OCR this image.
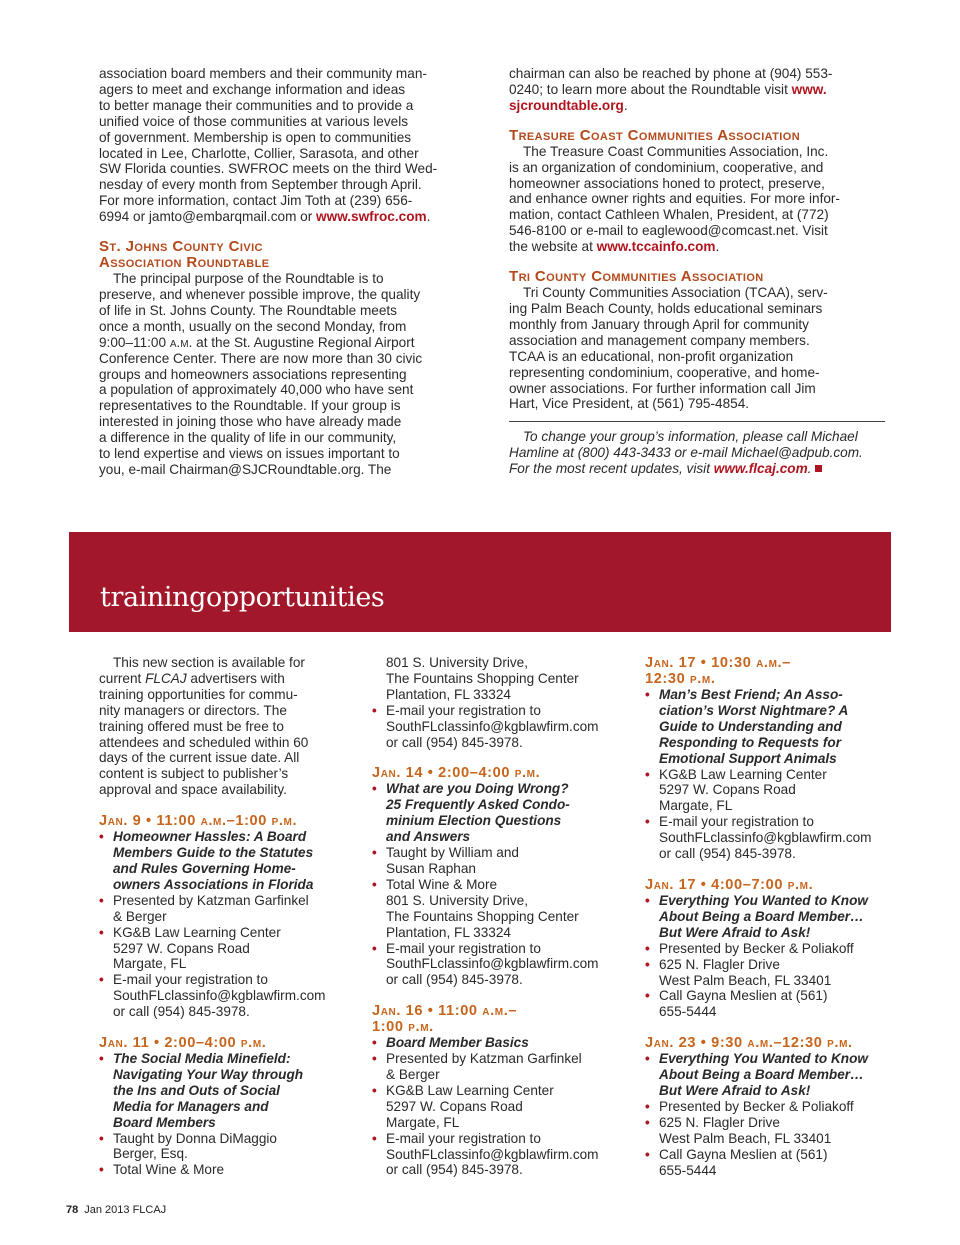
association board members and their community man-
agers to meet and exchange information and ideas
to better manage their communities and to provide a
unified voice of those communities at various levels
of government. Membership is open to communities
located in Lee, Charlotte, Collier, Sarasota, and other
SW Florida counties. SWFROC meets on the third Wed-
nesday of every month from September through April.
For more information, contact Jim Toth at (239) 656-
6994 or jamto@embarqmail.com or www.swfroc.com.
St. Johns County Civic
Association Roundtable
The principal purpose of the Roundtable is to
preserve, and whenever possible improve, the quality
of life in St. Johns County. The Roundtable meets
once a month, usually on the second Monday, from
9:00–11:00 a.m. at the St. Augustine Regional Airport
Conference Center. There are now more than 30 civic
groups and homeowners associations representing
a population of approximately 40,000 who have sent
representatives to the Roundtable. If your group is
interested in joining those who have already made
a difference in the quality of life in our community,
to lend expertise and views on issues important to
you, e-mail Chairman@SJCRoundtable.org. The
chairman can also be reached by phone at (904) 553-
0240; to learn more about the Roundtable visit www.
sjcroundtable.org.
Treasure Coast Communities Association
The Treasure Coast Communities Association, Inc.
is an organization of condominium, cooperative, and
homeowner associations honed to protect, preserve,
and enhance owner rights and equities. For more infor-
mation, contact Cathleen Whalen, President, at (772)
546-8100 or e-mail to eaglewood@comcast.net. Visit
the website at www.tccainfo.com.
Tri County Communities Association
Tri County Communities Association (TCAA), serv-
ing Palm Beach County, holds educational seminars
monthly from January through April for community
association and management company members.
TCAA is an educational, non-profit organization
representing condominium, cooperative, and home-
owner associations. For further information call Jim
Hart, Vice President, at (561) 795-4854.
To change your group’s information, please call Michael
Hamline at (800) 443-3433 or e-mail Michael@adpub.com.
For the most recent updates, visit www.flcaj.com.
trainingopportunities
This new section is available for
current FLCAJ advertisers with
training opportunities for commu-
nity managers or directors. The
training offered must be free to
attendees and scheduled within 60
days of the current issue date. All
content is subject to publisher’s
approval and space availability.
Jan. 9 • 11:00 a.m.–1:00 p.m.
• Homeowner Hassles: A Board
Members Guide to the Statutes
and Rules Governing Home-
owners Associations in Florida
• Presented by Katzman Garfinkel
& Berger
• KG&B Law Learning Center
5297 W. Copans Road
Margate, FL
• E-mail your registration to
SouthFLclassinfo@kgblawfirm.com
or call (954) 845-3978.
Jan. 11 • 2:00–4:00 p.m.
• The Social Media Minefield:
Navigating Your Way through
the Ins and Outs of Social
Media for Managers and
Board Members
• Taught by Donna DiMaggio
Berger, Esq.
• Total Wine & More
801 S. University Drive,
The Fountains Shopping Center
Plantation, FL 33324
• E-mail your registration to
SouthFLclassinfo@kgblawfirm.com
or call (954) 845-3978.
Jan. 14 • 2:00–4:00 p.m.
• What are you Doing Wrong?
25 Frequently Asked Condo-
minium Election Questions
and Answers
• Taught by William and
Susan Raphan
• Total Wine & More
801 S. University Drive,
The Fountains Shopping Center
Plantation, FL 33324
• E-mail your registration to
SouthFLclassinfo@kgblawfirm.com
or call (954) 845-3978.
Jan. 16 • 11:00 a.m.–
1:00 p.m.
• Board Member Basics
• Presented by Katzman Garfinkel
& Berger
• KG&B Law Learning Center
5297 W. Copans Road
Margate, FL
• E-mail your registration to
SouthFLclassinfo@kgblawfirm.com
or call (954) 845-3978.
Jan. 17 • 10:30 a.m.–
12:30 p.m.
• Man’s Best Friend; An Asso-
ciation’s Worst Nightmare? A
Guide to Understanding and
Responding to Requests for
Emotional Support Animals
• KG&B Law Learning Center
5297 W. Copans Road
Margate, FL
• E-mail your registration to
SouthFLclassinfo@kgblawfirm.com
or call (954) 845-3978.
Jan. 17 • 4:00–7:00 p.m.
• Everything You Wanted to Know
About Being a Board Member…
But Were Afraid to Ask!
• Presented by Becker & Poliakoff
• 625 N. Flagler Drive
West Palm Beach, FL 33401
• Call Gayna Meslien at (561)
655-5444
Jan. 23 • 9:30 a.m.–12:30 p.m.
• Everything You Wanted to Know
About Being a Board Member…
But Were Afraid to Ask!
• Presented by Becker & Poliakoff
• 625 N. Flagler Drive
West Palm Beach, FL 33401
• Call Gayna Meslien at (561)
655-5444
78 Jan 2013 FLCAJ
